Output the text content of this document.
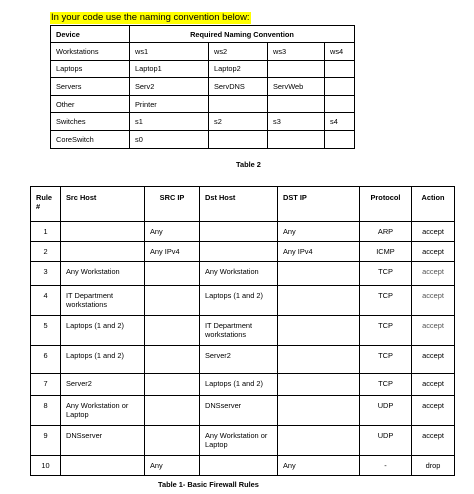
In your code use the naming convention below:
Device	Required Naming Convention			
Workstations	ws1	ws2	ws3	ws4
Laptops	Laptop1	Laptop2		
Servers	Serv2	ServDNS	ServWeb	
Other	Printer			
Switches	s1	s2	s3	s4
CoreSwitch	s0			
Table 2
Rule #	Src Host	SRC IP	Dst Host	DST IP	Protocol	Action
1		Any		Any	ARP	accept
2		Any IPv4		Any IPv4	ICMP	accept
3	Any Workstation		Any Workstation		TCP	accept
4	IT Department workstations		Laptops (1 and 2)		TCP	accept
5	Laptops (1 and 2)		IT Department workstations		TCP	accept
6	Laptops (1 and 2)		Server2		TCP	accept
7	Server2		Laptops (1 and 2)		TCP	accept
8	Any Workstation or Laptop		DNSserver		UDP	accept
9	DNSserver		Any Workstation or Laptop		UDP	accept
10		Any		Any	-	drop
Table 1- Basic Firewall Rules
